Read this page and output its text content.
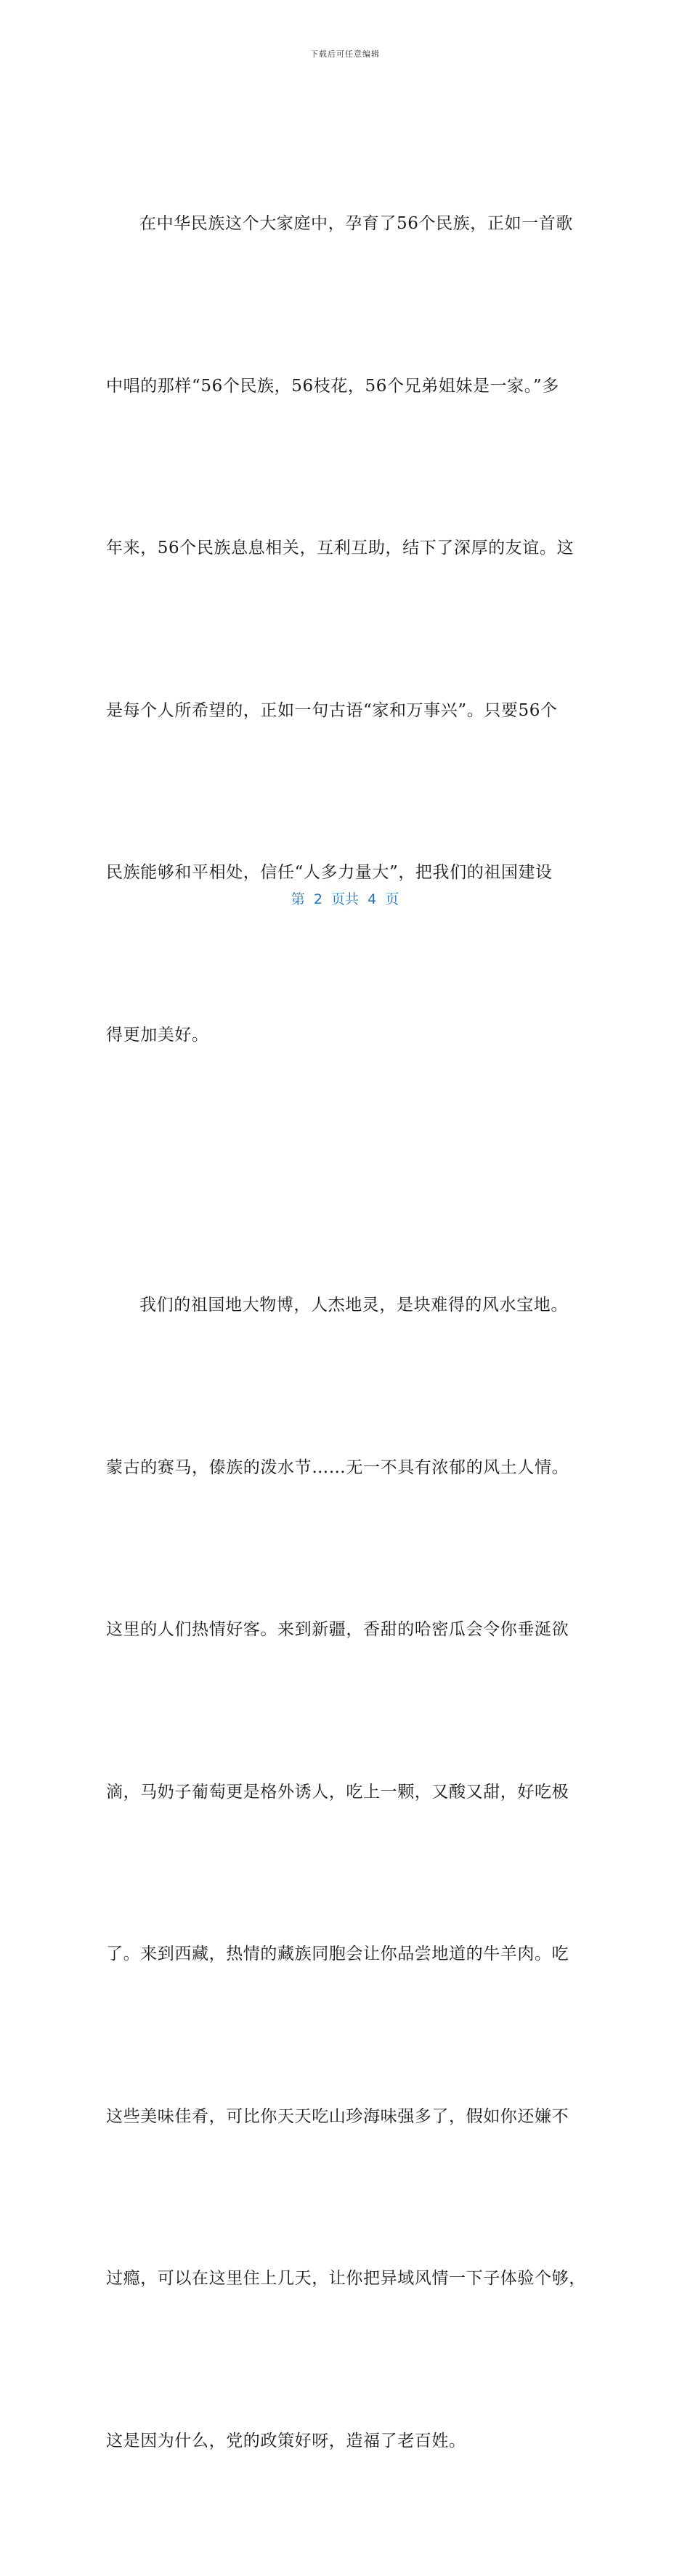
下载后可任意编辑

在中华民族这个大家庭中，孕育了56个民族，正如一首歌

中唱的那样“56个民族，56枝花，56个兄弟姐妹是一家。”多

年来，56个民族息息相关，互利互助，结下了深厚的友谊。这

是每个人所希望的，正如一句古语“家和万事兴”。只要56个

民族能够和平相处，信任“人多力量大”，把我们的祖国建设

得更加美好。

我们的祖国地大物博，人杰地灵，是块难得的风水宝地。

蒙古的赛马，傣族的泼水节……无一不具有浓郁的风土人情。

这里的人们热情好客。来到新疆，香甜的哈密瓜会令你垂涎欲

滴，马奶子葡萄更是格外诱人，吃上一颗，又酸又甜，好吃极

了。来到西藏，热情的藏族同胞会让你品尝地道的牛羊肉。吃

这些美味佳肴，可比你天天吃山珍海味强多了，假如你还嫌不

过瘾，可以在这里住上几天，让你把异域风情一下子体验个够，

这是因为什么，党的政策好呀，造福了老百姓。

第  2  页共  4  页
